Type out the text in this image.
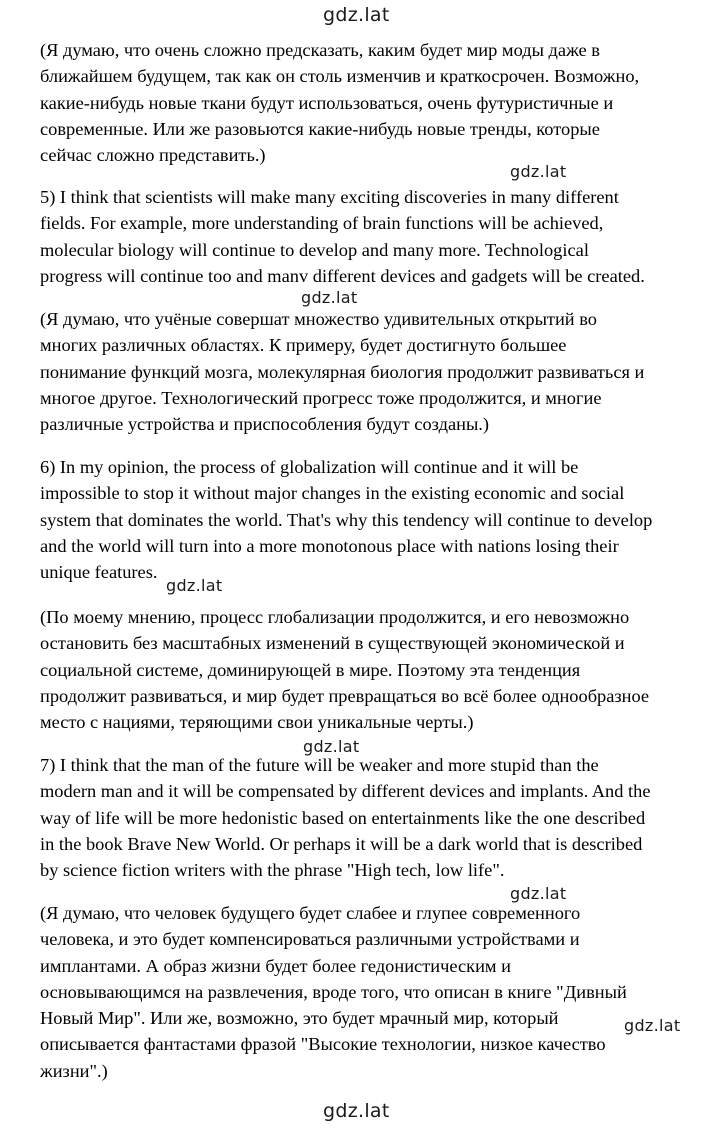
gdz.lat

(Я думаю, что очень сложно предсказать, каким будет мир моды даже в
ближайшем будущем, так как он столь изменчив и краткосрочен. Возможно,
какие-нибудь новые ткани будут использоваться, очень футуристичные и
современные. Или же разовьются какие-нибудь новые тренды, которые
сейчас сложно представить.)

gdz.lat

5) I think that scientists will make many exciting discoveries in many different
fields. For example, more understanding of brain functions will be achieved,
molecular biology will continue to develop and many more. Technological
progress will continue too and manv different devices and gadgets will be created.

gdz.lat

(Я думаю, что учёные совершат множество удивительных открытий во
многих различных областях. К примеру, будет достигнуто большее
понимание функций мозга, молекулярная биология продолжит развиваться и
многое другое. Технологический прогресс тоже продолжится, и многие
различные устройства и приспособления будут созданы.)

6) In my opinion, the process of globalization will continue and it will be
impossible to stop it without major changes in the existing economic and social
system that dominates the world. That's why this tendency will continue to develop
and the world will turn into a more monotonous place with nations losing their
unique features.

gdz.lat

(По моему мнению, процесс глобализации продолжится, и его невозможно
остановить без масштабных изменений в существующей экономической и
социальной системе, доминирующей в мире. Поэтому эта тенденция
продолжит развиваться, и мир будет превращаться во всё более однообразное
место с нациями, теряющими свои уникальные черты.)

gdz.lat

7) I think that the man of the future will be weaker and more stupid than the
modern man and it will be compensated by different devices and implants. And the
way of life will be more hedonistic based on entertainments like the one described
in the book Brave New World. Or perhaps it will be a dark world that is described
by science fiction writers with the phrase "High tech, low life".

gdz.lat

(Я думаю, что человек будущего будет слабее и глупее современного
человека, и это будет компенсироваться различными устройствами и
имплантами. А образ жизни будет более гедонистическим и
основывающимся на развлечения, вроде того, что описан в книге "Дивный
Новый Мир". Или же, возможно, это будет мрачный мир, который
описывается фантастами фразой "Высокие технологии, низкое качество
жизни".)

gdz.lat
gdz.lat
